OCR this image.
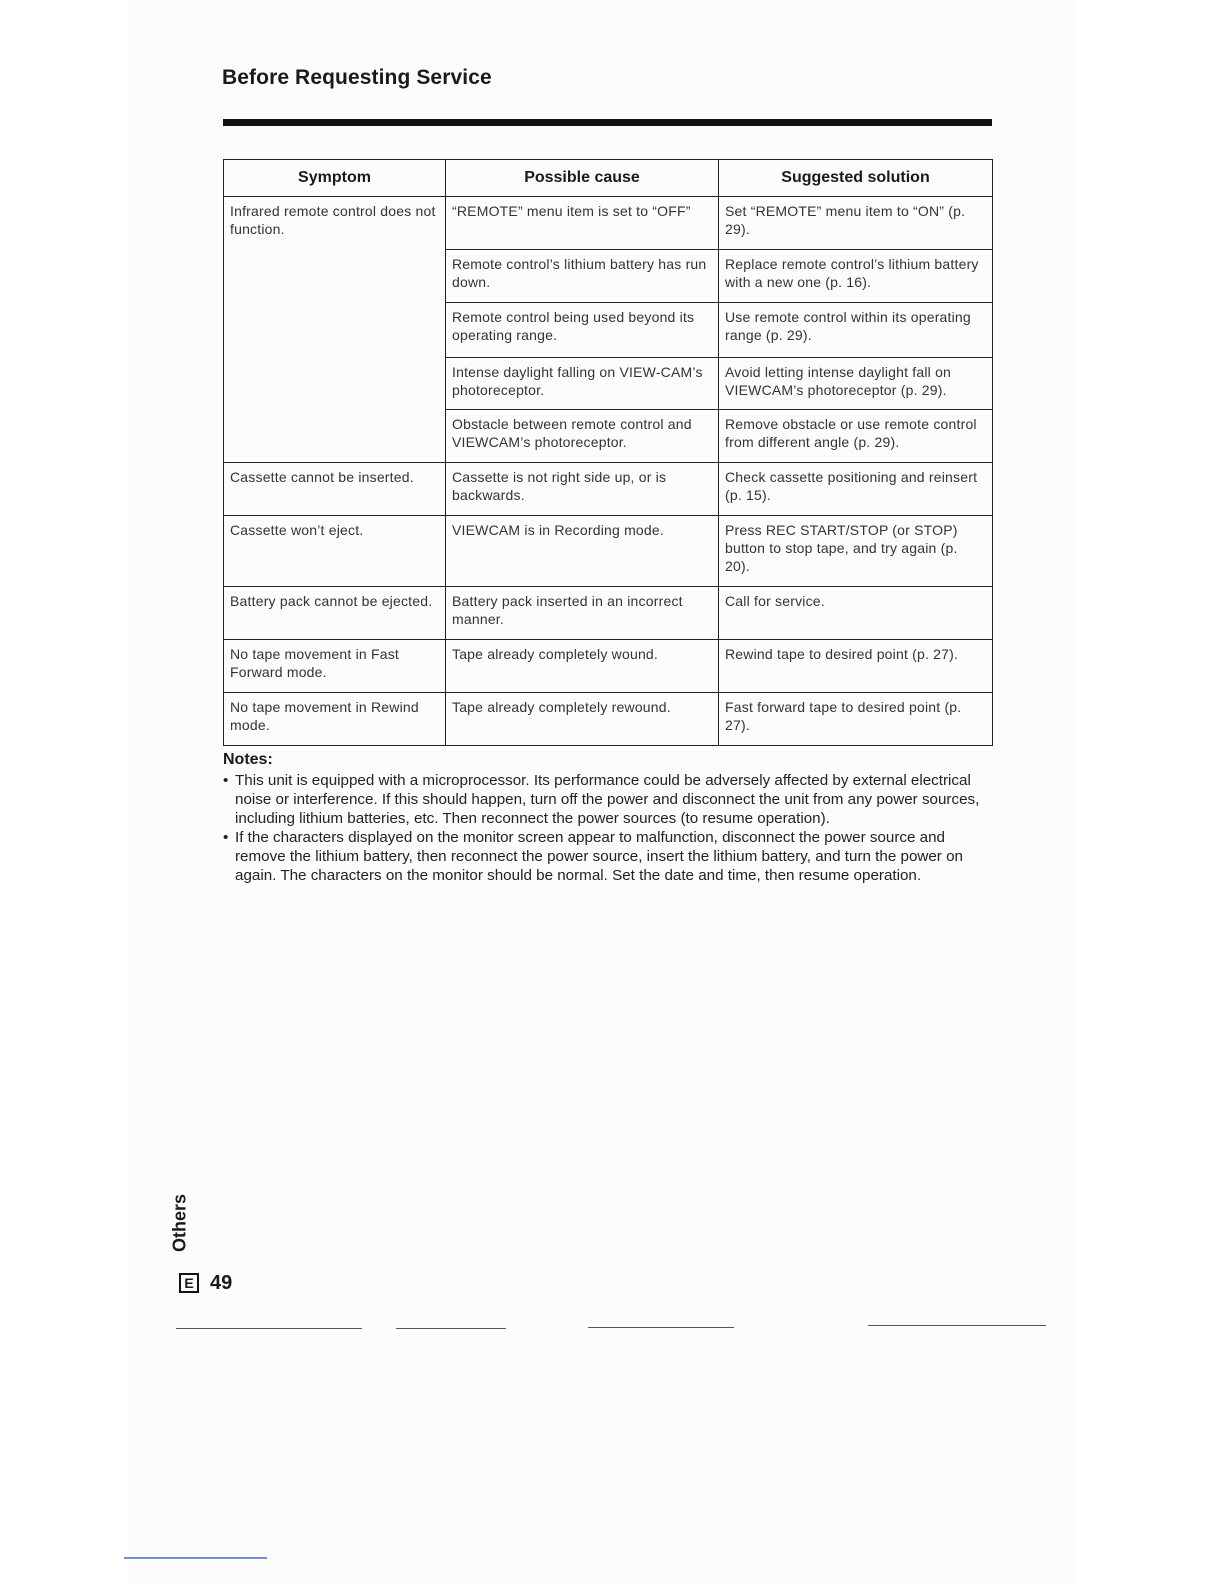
Before Requesting Service
Symptom	Possible cause	Suggested solution

Infrared remote control does not function.	“REMOTE” menu item is set to “OFF”	Set “REMOTE” menu item to “ON” (p. 29).

	Remote control’s lithium battery has run down.	Replace remote control’s lithium battery with a new one (p. 16).

	Remote control being used beyond its operating range.	Use remote control within its operating range (p. 29).

	Intense daylight falling on VIEW-CAM’s photoreceptor.	Avoid letting intense daylight fall on VIEWCAM’s photoreceptor (p. 29).

	Obstacle between remote control and VIEWCAM’s photoreceptor.	Remove obstacle or use remote control from different angle (p. 29).

Cassette cannot be inserted.	Cassette is not right side up, or is backwards.	Check cassette positioning and reinsert (p. 15).

Cassette won’t eject.	VIEWCAM is in Recording mode.	Press REC START/STOP (or STOP) button to stop tape, and try again (p. 20).

Battery pack cannot be ejected.	Battery pack inserted in an incorrect manner.	Call for service.

No tape movement in Fast Forward mode.	Tape already completely wound.	Rewind tape to desired point (p. 27).

No tape movement in Rewind mode.	Tape already completely rewound.	Fast forward tape to desired point (p. 27).
Notes:
• This unit is equipped with a microprocessor. Its performance could be adversely affected by external electrical noise or interference. If this should happen, turn off the power and disconnect the unit from any power sources, including lithium batteries, etc. Then reconnect the power sources (to resume operation).
• If the characters displayed on the monitor screen appear to malfunction, disconnect the power source and remove the lithium battery, then reconnect the power source, insert the lithium battery, and turn the power on again. The characters on the monitor should be normal. Set the date and time, then resume operation.
Others
E 49
